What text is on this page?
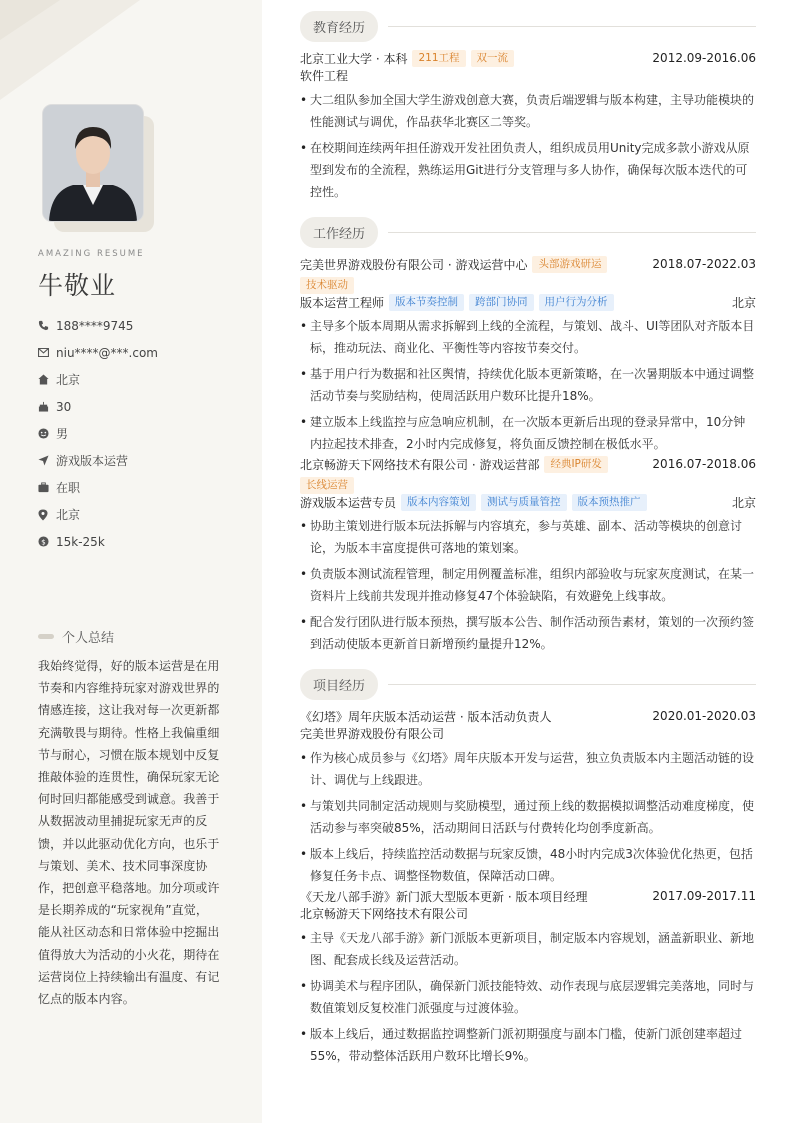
AMAZING RESUME
牛敬业
188****9745
niu****@***.com
北京
30
男
游戏版本运营
在职
北京
$ 15k-25k
个人总结
我始终觉得，好的版本运营是在用节奏和内容维持玩家对游戏世界的情感连接，这让我对每一次更新都充满敬畏与期待。性格上我偏重细节与耐心，习惯在版本规划中反复推敲体验的连贯性，确保玩家无论何时回归都能感受到诚意。我善于从数据波动里捕捉玩家无声的反馈，并以此驱动优化方向，也乐于与策划、美术、技术同事深度协作，把创意平稳落地。加分项或许是长期养成的“玩家视角”直觉，能从社区动态和日常体验中挖掘出值得放大为活动的小火花，期待在运营岗位上持续输出有温度、有记忆点的版本内容。
教育经历
北京工业大学 · 本科	211工程	双一流	2012.09-2016.06
软件工程
• 大二组队参加全国大学生游戏创意大赛，负责后端逻辑与版本构建，主导功能模块的性能测试与调优，作品获华北赛区二等奖。
• 在校期间连续两年担任游戏开发社团负责人，组织成员用Unity完成多款小游戏从原型到发布的全流程，熟练运用Git进行分支管理与多人协作，确保每次版本迭代的可控性。
工作经历
完美世界游戏股份有限公司 · 游戏运营中心	头部游戏研运	2018.07-2022.03
技术驱动
版本运营工程师	版本节奏控制	跨部门协同	用户行为分析	北京
• 主导多个版本周期从需求拆解到上线的全流程，与策划、战斗、UI等团队对齐版本目标，推动玩法、商业化、平衡性等内容按节奏交付。
• 基于用户行为数据和社区舆情，持续优化版本更新策略，在一次暑期版本中通过调整活动节奏与奖励结构，使周活跃用户数环比提升18%。
• 建立版本上线监控与应急响应机制，在一次版本更新后出现的登录异常中，10分钟内拉起技术排查，2小时内完成修复，将负面反馈控制在极低水平。
北京畅游天下网络技术有限公司 · 游戏运营部	经典IP研发	2016.07-2018.06
长线运营
游戏版本运营专员	版本内容策划	测试与质量管控	版本预热推广	北京
• 协助主策划进行版本玩法拆解与内容填充，参与英雄、副本、活动等模块的创意讨论，为版本丰富度提供可落地的策划案。
• 负责版本测试流程管理，制定用例覆盖标准，组织内部验收与玩家灰度测试，在某一资料片上线前共发现并推动修复47个体验缺陷，有效避免上线事故。
• 配合发行团队进行版本预热，撰写版本公告、制作活动预告素材，策划的一次预约签到活动使版本更新首日新增预约量提升12%。
项目经历
《幻塔》周年庆版本活动运营 · 版本活动负责人	2020.01-2020.03
完美世界游戏股份有限公司
• 作为核心成员参与《幻塔》周年庆版本开发与运营，独立负责版本内主题活动链的设计、调优与上线跟进。
• 与策划共同制定活动规则与奖励模型，通过预上线的数据模拟调整活动难度梯度，使活动参与率突破85%，活动期间日活跃与付费转化均创季度新高。
• 版本上线后，持续监控活动数据与玩家反馈，48小时内完成3次体验优化热更，包括修复任务卡点、调整怪物数值，保障活动口碑。
《天龙八部手游》新门派大型版本更新 · 版本项目经理	2017.09-2017.11
北京畅游天下网络技术有限公司
• 主导《天龙八部手游》新门派版本更新项目，制定版本内容规划，涵盖新职业、新地图、配套成长线及运营活动。
• 协调美术与程序团队，确保新门派技能特效、动作表现与底层逻辑完美落地，同时与数值策划反复校准门派强度与过渡体验。
• 版本上线后，通过数据监控调整新门派初期强度与副本门槛，使新门派创建率超过55%，带动整体活跃用户数环比增长9%。
